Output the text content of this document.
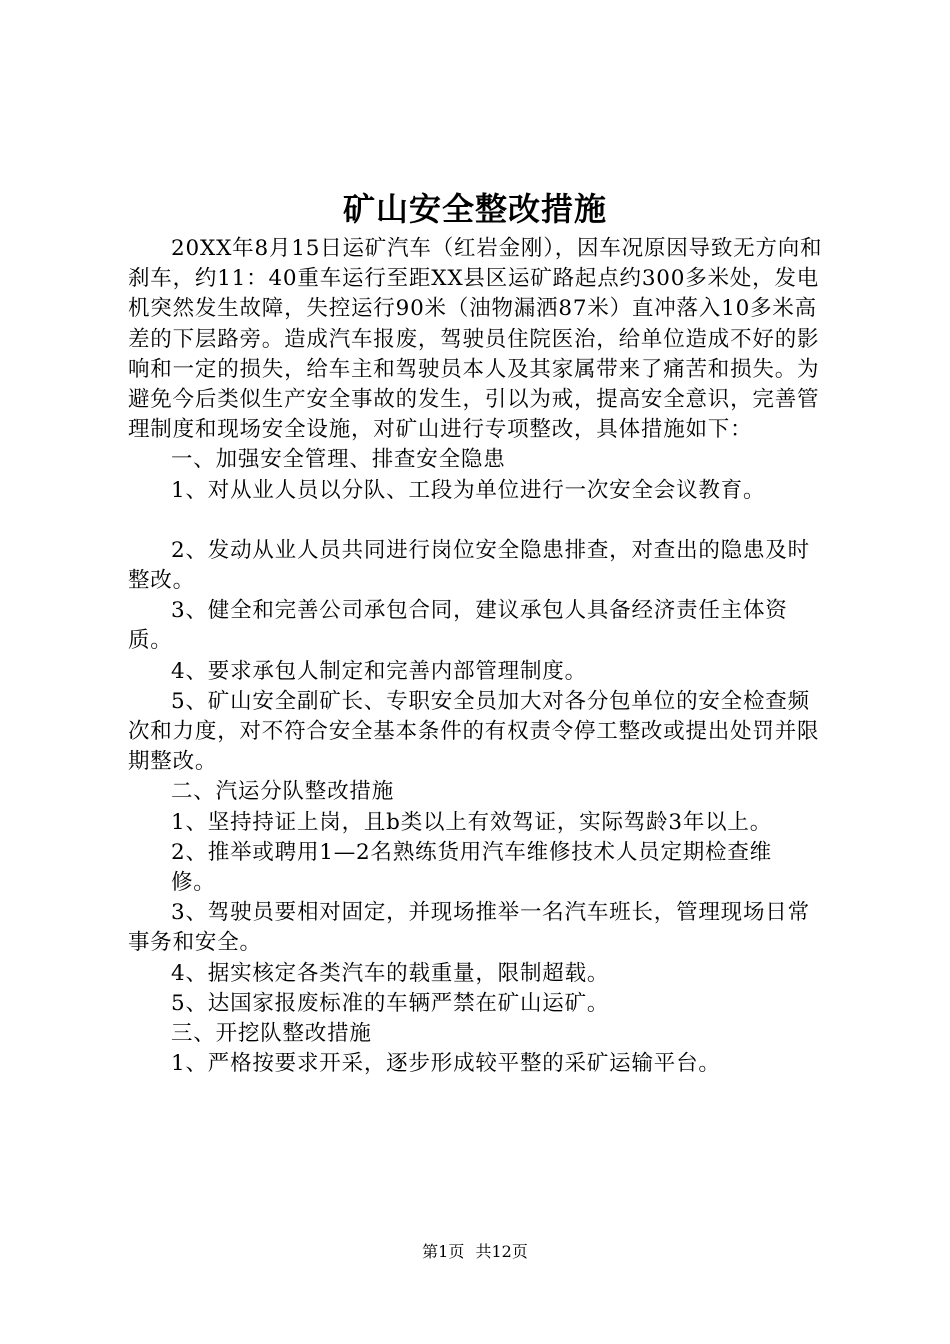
矿山安全整改措施

20XX年8月15日运矿汽车（红岩金刚），因车况原因导致无方向和刹车，约11：40重车运行至距XX县区运矿路起点约300多米处，发电机突然发生故障，失控运行90米（油物漏洒87米）直冲落入10多米高差的下层路旁。造成汽车报废，驾驶员住院医治，给单位造成不好的影响和一定的损失，给车主和驾驶员本人及其家属带来了痛苦和损失。为避免今后类似生产安全事故的发生，引以为戒，提高安全意识，完善管理制度和现场安全设施，对矿山进行专项整改，具体措施如下：

一、加强安全管理、排查安全隐患

1、对从业人员以分队、工段为单位进行一次安全会议教育。

2、发动从业人员共同进行岗位安全隐患排查，对查出的隐患及时整改。

3、健全和完善公司承包合同，建议承包人具备经济责任主体资质。

4、要求承包人制定和完善内部管理制度。

5、矿山安全副矿长、专职安全员加大对各分包单位的安全检查频次和力度，对不符合安全基本条件的有权责令停工整改或提出处罚并限期整改。

二、汽运分队整改措施

1、坚持持证上岗，且b类以上有效驾证，实际驾龄3年以上。

2、推举或聘用1—2名熟练货用汽车维修技术人员定期检查维

修。

3、驾驶员要相对固定，并现场推举一名汽车班长，管理现场日常事务和安全。

4、据实核定各类汽车的载重量，限制超载。

5、达国家报废标准的车辆严禁在矿山运矿。

三、开挖队整改措施

1、严格按要求开采，逐步形成较平整的采矿运输平台。

第1页 共12页
